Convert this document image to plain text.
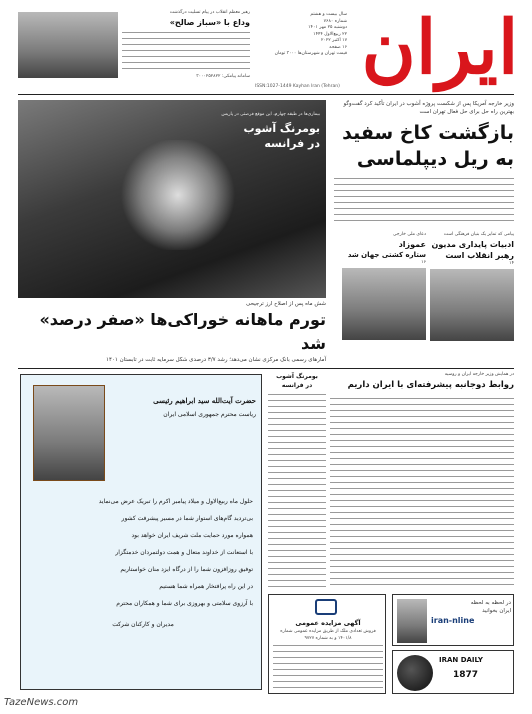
ایران
سال بیست و هشتم
شماره ۷۶۸۰
دوشنبه ۲۵ مهر ۱۴۰۱
۲۲ ربیع‌الاول ۱۴۴۴
۱۷ اکتبر ۲۰۲۲
۱۶ صفحه
قیمت تهران و شهرستان‌ها ۳۰۰۰ تومان
ISSN:1027-1449 Kayhan Iran (Tehran)
رهبر معظم انقلاب در پیام تسلیت درگذشت
وداع با «سباز صالح»
سامانه پیامکی: ۳۰۰۰۲۵۲۸۲۲
بیماری‌ها در طبقه چهارم، این موقع فرصتی در پاریس
بومرنگ آشوب
در فرانسه
وزیر خارجه آمریکا پس از شکست پروژه آشوب در ایران تأکید کرد گفت‌وگو بهترین راه حل برای حل فعال تهران است
بازگشت کاخ سفید
به ریل دیپلماسی
پیامی که تمایز یک بنیان فرهنگی است
ادبیات پایداری مدیون
رهبر انقلاب است
۱۴
دعای ملی خارجی
عموزاد
ستاره کشتی جهان شد
۱۶
شش ماه پس از اصلاح ارز ترجیحی
تورم ماهانه خوراکی‌ها «صفر درصد» شد
آمارهای رسمی بانک مرکزی نشان می‌دهد؛ رشد ۳/۷ درصدی شکل سرمایه ثابت در تابستان ۱۴۰۱
در همایش وزیر خارجه ایران و روسیه
روابط دوجانبه پیشرفته‌ای با ایران داریم
بومرنگ آشوب
در فرانسه
حضرت آیت‌الله سید ابراهیم رئیسی
ریاست محترم جمهوری اسلامی ایران
حلول ماه ربیع‌الاول و میلاد پیامبر اکرم را تبریک عرض می‌نماید
بی‌تردید گام‌های استوار شما در مسیر پیشرفت کشور
همواره مورد حمایت ملت شریف ایران خواهد بود
با استعانت از خداوند متعال و همت دولتمردان خدمتگزار
توفیق روزافزون شما را از درگاه ایزد منان خواستاریم
در این راه پرافتخار همراه شما هستیم
با آرزوی سلامتی و بهروزی برای شما و همکاران محترم
مدیران و کارکنان شرکت	آگهی مزایده عمومی
فروش تعدادی ملک از طریق مزایده عمومی شماره ۱۴۰۱/۸ و به شماره ۹۷۲۷
در لحظه به لحظه
ایران بخوانید
iran-nline
IRAN DAILY
1877
TazeNews.com
